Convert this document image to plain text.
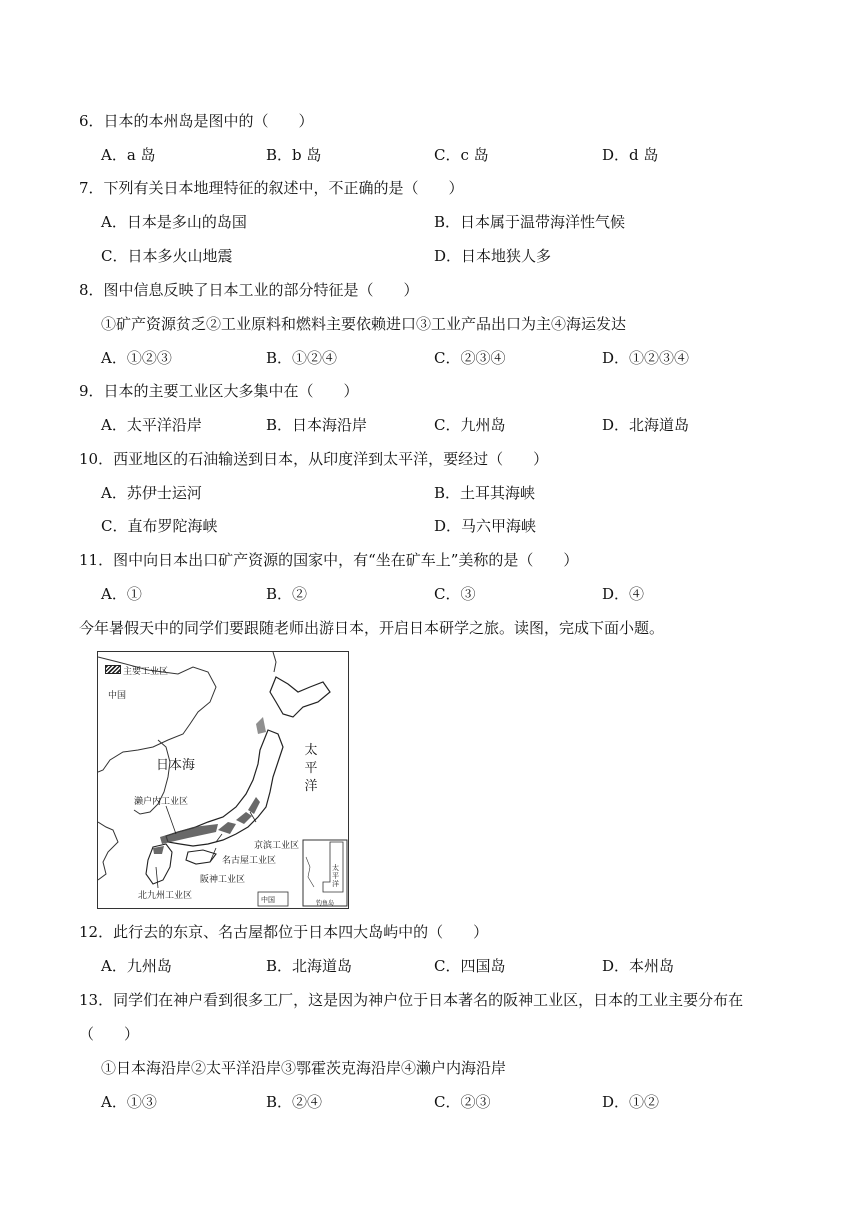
6．日本的本州岛是图中的（　　）
A．a 岛	B．b 岛	C．c 岛	D．d 岛
7．下列有关日本地理特征的叙述中，不正确的是（　　）
A．日本是多山的岛国	B．日本属于温带海洋性气候
C．日本多火山地震	D．日本地狭人多
8．图中信息反映了日本工业的部分特征是（　　）
①矿产资源贫乏②工业原料和燃料主要依赖进口③工业产品出口为主④海运发达
A．①②③	B．①②④	C．②③④	D．①②③④
9．日本的主要工业区大多集中在（　　）
A．太平洋沿岸	B．日本海沿岸	C．九州岛	D．北海道岛
10．西亚地区的石油输送到日本，从印度洋到太平洋，要经过（　　）
A．苏伊士运河	B．土耳其海峡
C．直布罗陀海峡	D．马六甲海峡
11．图中向日本出口矿产资源的国家中，有“坐在矿车上”美称的是（　　）
A．①	B．②	C．③	D．④
今年暑假天中的同学们要跟随老师出游日本，开启日本研学之旅。读图，完成下面小题。
主要工业区
中国
日本海
太平洋
濑户内工业区
京滨工业区
名古屋工业区
阪神工业区
北九州工业区
太平洋
中国	钓鱼岛
12．此行去的东京、名古屋都位于日本四大岛屿中的（　　）
A．九州岛	B．北海道岛	C．四国岛	D．本州岛
13．同学们在神户看到很多工厂，这是因为神户位于日本著名的阪神工业区，日本的工业主要分布在
（　　）
①日本海沿岸②太平洋沿岸③鄂霍茨克海沿岸④濑户内海沿岸
A．①③	B．②④	C．②③	D．①②
